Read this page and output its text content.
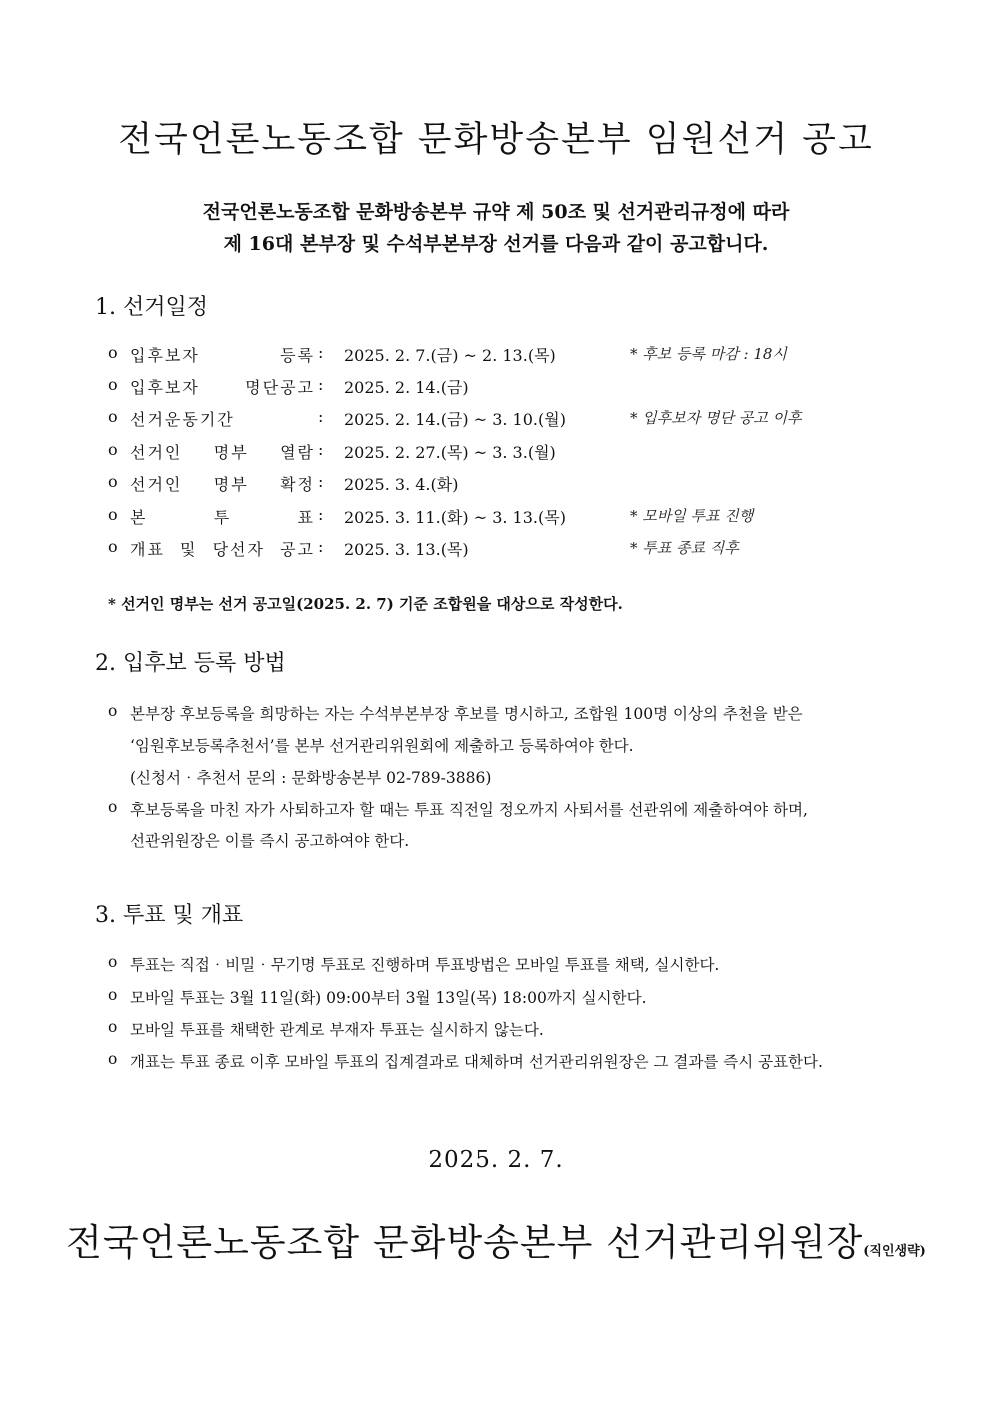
전국언론노동조합 문화방송본부 임원선거 공고
전국언론노동조합 문화방송본부 규약 제 50조 및 선거관리규정에 따라
제 16대 본부장 및 수석부본부장 선거를 다음과 같이 공고합니다.
1. 선거일정
o 입후보자 등록 : 2025. 2. 7.(금) ~ 2. 13.(목)	* 후보 등록 마감 : 18시
o 입후보자 명단공고 : 2025. 2. 14.(금)
o 선거운동기간	: 2025. 2. 14.(금) ~ 3. 10.(월)	* 입후보자 명단 공고 이후
o 선거인 명부 열람 : 2025. 2. 27.(목) ~ 3. 3.(월)
o 선거인 명부 확정 : 2025. 3. 4.(화)
o 본 투 표 : 2025. 3. 11.(화) ~ 3. 13.(목)	* 모바일 투표 진행
o 개표 및 당선자 공고 : 2025. 3. 13.(목)	* 투표 종료 직후
* 선거인 명부는 선거 공고일(2025. 2. 7) 기준 조합원을 대상으로 작성한다.
2. 입후보 등록 방법
o 본부장 후보등록을 희망하는 자는 수석부본부장 후보를 명시하고, 조합원 100명 이상의 추천을 받은
‘임원후보등록추천서’를 본부 선거관리위원회에 제출하고 등록하여야 한다.
(신청서‧추천서 문의 : 문화방송본부 02-789-3886)
o 후보등록을 마친 자가 사퇴하고자 할 때는 투표 직전일 정오까지 사퇴서를 선관위에 제출하여야 하며,
선관위원장은 이를 즉시 공고하여야 한다.
3. 투표 및 개표
o 투표는 직접‧비밀‧무기명 투표로 진행하며 투표방법은 모바일 투표를 채택, 실시한다.
o 모바일 투표는 3월 11일(화) 09:00부터 3월 13일(목) 18:00까지 실시한다.
o 모바일 투표를 채택한 관계로 부재자 투표는 실시하지 않는다.
o 개표는 투표 종료 이후 모바일 투표의 집계결과로 대체하며 선거관리위원장은 그 결과를 즉시 공표한다.
2025. 2. 7.
전국언론노동조합 문화방송본부 선거관리위원장(직인생략)
